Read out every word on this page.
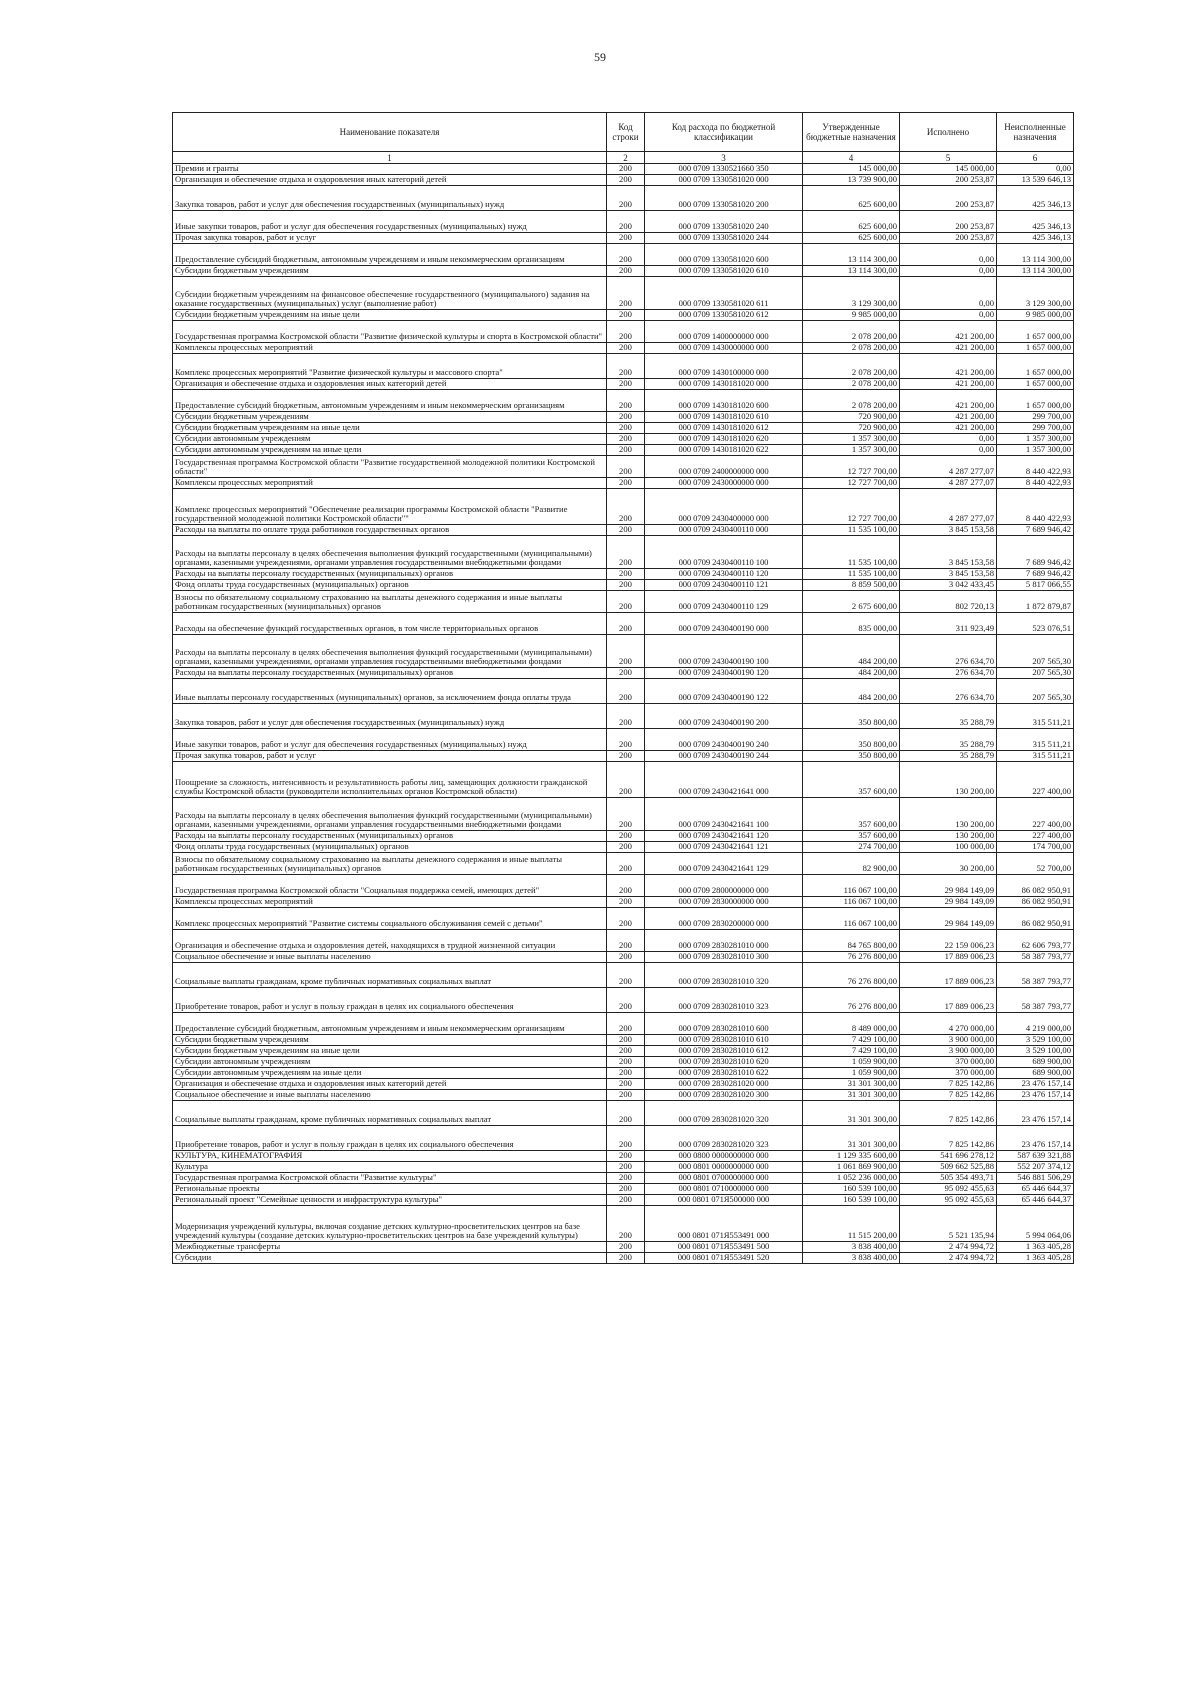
59
Наименование показателя	Код строки	Код расхода по бюджетной классификации	Утвержденные бюджетные назначения	Исполнено	Неисполненные назначения
1	2	3	4	5	6
Премии и гранты	200	000 0709 1330521660 350	145 000,00	145 000,00	0,00
Организация и обеспечение отдыха и оздоровления иных категорий детей	200	000 0709 1330581020 000	13 739 900,00	200 253,87	13 539 646,13
Закупка товаров, работ и услуг для обеспечения государственных (муниципальных) нужд	200	000 0709 1330581020 200	625 600,00	200 253,87	425 346,13
Иные закупки товаров, работ и услуг для обеспечения государственных (муниципальных) нужд	200	000 0709 1330581020 240	625 600,00	200 253,87	425 346,13
Прочая закупка товаров, работ и услуг	200	000 0709 1330581020 244	625 600,00	200 253,87	425 346,13
Предоставление субсидий бюджетным, автономным учреждениям и иным некоммерческим организациям	200	000 0709 1330581020 600	13 114 300,00	0,00	13 114 300,00
Субсидии бюджетным учреждениям	200	000 0709 1330581020 610	13 114 300,00	0,00	13 114 300,00
Субсидии бюджетным учреждениям на финансовое обеспечение государственного (муниципального) задания на оказание государственных (муниципальных) услуг (выполнение работ)	200	000 0709 1330581020 611	3 129 300,00	0,00	3 129 300,00
Субсидии бюджетным учреждениям на иные цели	200	000 0709 1330581020 612	9 985 000,00	0,00	9 985 000,00
Государственная программа Костромской области "Развитие физической культуры и спорта в Костромской области"	200	000 0709 1400000000 000	2 078 200,00	421 200,00	1 657 000,00
Комплексы процессных мероприятий	200	000 0709 1430000000 000	2 078 200,00	421 200,00	1 657 000,00
Комплекс процессных мероприятий "Развитие физической культуры и массового спорта"	200	000 0709 1430100000 000	2 078 200,00	421 200,00	1 657 000,00
Организация и обеспечение отдыха и оздоровления иных категорий детей	200	000 0709 1430181020 000	2 078 200,00	421 200,00	1 657 000,00
Предоставление субсидий бюджетным, автономным учреждениям и иным некоммерческим организациям	200	000 0709 1430181020 600	2 078 200,00	421 200,00	1 657 000,00
Субсидии бюджетным учреждениям	200	000 0709 1430181020 610	720 900,00	421 200,00	299 700,00
Субсидии бюджетным учреждениям на иные цели	200	000 0709 1430181020 612	720 900,00	421 200,00	299 700,00
Субсидии автономным учреждениям	200	000 0709 1430181020 620	1 357 300,00	0,00	1 357 300,00
Субсидии автономным учреждениям на иные цели	200	000 0709 1430181020 622	1 357 300,00	0,00	1 357 300,00
Государственная программа Костромской области "Развитие государственной молодежной политики Костромской области"	200	000 0709 2400000000 000	12 727 700,00	4 287 277,07	8 440 422,93
Комплексы процессных мероприятий	200	000 0709 2430000000 000	12 727 700,00	4 287 277,07	8 440 422,93
Комплекс процессных мероприятий "Обеспечение реализации программы Костромской области "Развитие государственной молодежной политики Костромской области""	200	000 0709 2430400000 000	12 727 700,00	4 287 277,07	8 440 422,93
Расходы на выплаты по оплате труда работников государственных органов	200	000 0709 2430400110 000	11 535 100,00	3 845 153,58	7 689 946,42
Расходы на выплаты персоналу в целях обеспечения выполнения функций государственными (муниципальными) органами, казенными учреждениями, органами управления государственными внебюджетными фондами	200	000 0709 2430400110 100	11 535 100,00	3 845 153,58	7 689 946,42
Расходы на выплаты персоналу государственных (муниципальных) органов	200	000 0709 2430400110 120	11 535 100,00	3 845 153,58	7 689 946,42
Фонд оплаты труда государственных (муниципальных) органов	200	000 0709 2430400110 121	8 859 500,00	3 042 433,45	5 817 066,55
Взносы по обязательному социальному страхованию на выплаты денежного содержания и иные выплаты работникам государственных (муниципальных) органов	200	000 0709 2430400110 129	2 675 600,00	802 720,13	1 872 879,87
Расходы на обеспечение функций государственных органов, в том числе территориальных органов	200	000 0709 2430400190 000	835 000,00	311 923,49	523 076,51
Расходы на выплаты персоналу в целях обеспечения выполнения функций государственными (муниципальными) органами, казенными учреждениями, органами управления государственными внебюджетными фондами	200	000 0709 2430400190 100	484 200,00	276 634,70	207 565,30
Расходы на выплаты персоналу государственных (муниципальных) органов	200	000 0709 2430400190 120	484 200,00	276 634,70	207 565,30
Иные выплаты персоналу государственных (муниципальных) органов, за исключением фонда оплаты труда	200	000 0709 2430400190 122	484 200,00	276 634,70	207 565,30
Закупка товаров, работ и услуг для обеспечения государственных (муниципальных) нужд	200	000 0709 2430400190 200	350 800,00	35 288,79	315 511,21
Иные закупки товаров, работ и услуг для обеспечения государственных (муниципальных) нужд	200	000 0709 2430400190 240	350 800,00	35 288,79	315 511,21
Прочая закупка товаров, работ и услуг	200	000 0709 2430400190 244	350 800,00	35 288,79	315 511,21
Поощрение за сложность, интенсивность и результативность работы лиц, замещающих должности гражданской службы Костромской области (руководители исполнительных органов Костромской области)	200	000 0709 2430421641 000	357 600,00	130 200,00	227 400,00
Расходы на выплаты персоналу в целях обеспечения выполнения функций государственными (муниципальными) органами, казенными учреждениями, органами управления государственными внебюджетными фондами	200	000 0709 2430421641 100	357 600,00	130 200,00	227 400,00
Расходы на выплаты персоналу государственных (муниципальных) органов	200	000 0709 2430421641 120	357 600,00	130 200,00	227 400,00
Фонд оплаты труда государственных (муниципальных) органов	200	000 0709 2430421641 121	274 700,00	100 000,00	174 700,00
Взносы по обязательному социальному страхованию на выплаты денежного содержания и иные выплаты работникам государственных (муниципальных) органов	200	000 0709 2430421641 129	82 900,00	30 200,00	52 700,00
Государственная программа Костромской области "Социальная поддержка семей, имеющих детей"	200	000 0709 2800000000 000	116 067 100,00	29 984 149,09	86 082 950,91
Комплексы процессных мероприятий	200	000 0709 2830000000 000	116 067 100,00	29 984 149,09	86 082 950,91
Комплекс процессных мероприятий "Развитие системы социального обслуживания семей с детьми"	200	000 0709 2830200000 000	116 067 100,00	29 984 149,09	86 082 950,91
Организация и обеспечение отдыха и оздоровления детей, находящихся в трудной жизненной ситуации	200	000 0709 2830281010 000	84 765 800,00	22 159 006,23	62 606 793,77
Социальное обеспечение и иные выплаты населению	200	000 0709 2830281010 300	76 276 800,00	17 889 006,23	58 387 793,77
Социальные выплаты гражданам, кроме публичных нормативных социальных выплат	200	000 0709 2830281010 320	76 276 800,00	17 889 006,23	58 387 793,77
Приобретение товаров, работ и услуг в пользу граждан в целях их социального обеспечения	200	000 0709 2830281010 323	76 276 800,00	17 889 006,23	58 387 793,77
Предоставление субсидий бюджетным, автономным учреждениям и иным некоммерческим организациям	200	000 0709 2830281010 600	8 489 000,00	4 270 000,00	4 219 000,00
Субсидии бюджетным учреждениям	200	000 0709 2830281010 610	7 429 100,00	3 900 000,00	3 529 100,00
Субсидии бюджетным учреждениям на иные цели	200	000 0709 2830281010 612	7 429 100,00	3 900 000,00	3 529 100,00
Субсидии автономным учреждениям	200	000 0709 2830281010 620	1 059 900,00	370 000,00	689 900,00
Субсидии автономным учреждениям на иные цели	200	000 0709 2830281010 622	1 059 900,00	370 000,00	689 900,00
Организация и обеспечение отдыха и оздоровления иных категорий детей	200	000 0709 2830281020 000	31 301 300,00	7 825 142,86	23 476 157,14
Социальное обеспечение и иные выплаты населению	200	000 0709 2830281020 300	31 301 300,00	7 825 142,86	23 476 157,14
Социальные выплаты гражданам, кроме публичных нормативных социальных выплат	200	000 0709 2830281020 320	31 301 300,00	7 825 142,86	23 476 157,14
Приобретение товаров, работ и услуг в пользу граждан в целях их социального обеспечения	200	000 0709 2830281020 323	31 301 300,00	7 825 142,86	23 476 157,14
КУЛЬТУРА, КИНЕМАТОГРАФИЯ	200	000 0800 0000000000 000	1 129 335 600,00	541 696 278,12	587 639 321,88
Культура	200	000 0801 0000000000 000	1 061 869 900,00	509 662 525,88	552 207 374,12
Государственная программа Костромской области "Развитие культуры"	200	000 0801 0700000000 000	1 052 236 000,00	505 354 493,71	546 881 506,29
Региональные проекты	200	000 0801 0710000000 000	160 539 100,00	95 092 455,63	65 446 644,37
Региональный проект "Семейные ценности и инфраструктура культуры"	200	000 0801 071Я500000 000	160 539 100,00	95 092 455,63	65 446 644,37
Модернизация учреждений культуры, включая создание детских культурно-просветительских центров на базе учреждений культуры (создание детских культурно-просветительских центров на базе учреждений культуры)	200	000 0801 071Я553491 000	11 515 200,00	5 521 135,94	5 994 064,06
Межбюджетные трансферты	200	000 0801 071Я553491 500	3 838 400,00	2 474 994,72	1 363 405,28
Субсидии	200	000 0801 071Я553491 520	3 838 400,00	2 474 994,72	1 363 405,28
